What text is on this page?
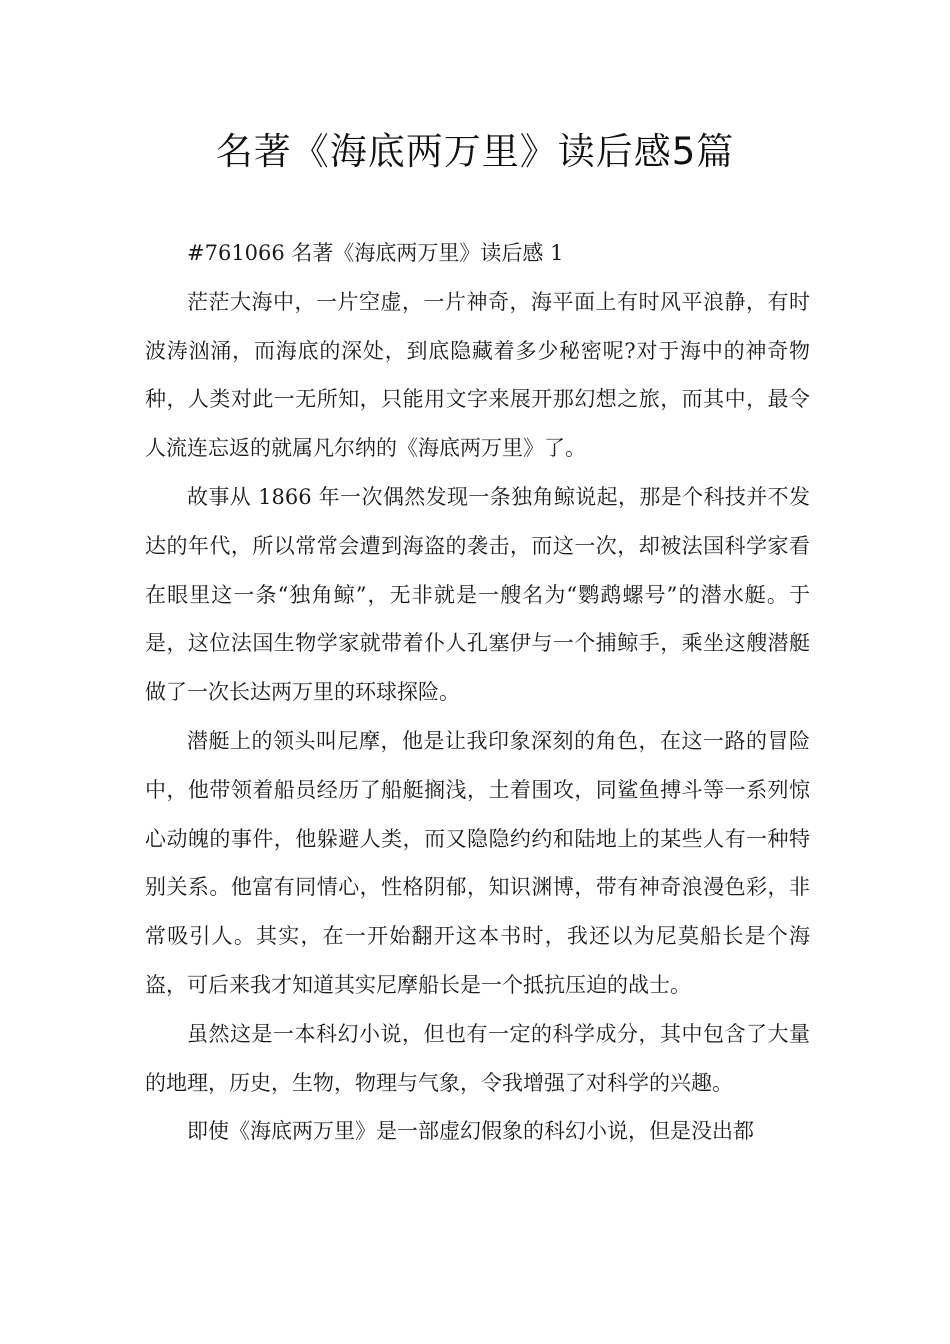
名著《海底两万里》读后感5篇

#761066 名著《海底两万里》读后感 1

茫茫大海中，一片空虚，一片神奇，海平面上有时风平浪静，有时波涛汹涌，而海底的深处，到底隐藏着多少秘密呢?对于海中的神奇物种，人类对此一无所知，只能用文字来展开那幻想之旅，而其中，最令人流连忘返的就属凡尔纳的《海底两万里》了。

故事从 1866 年一次偶然发现一条独角鲸说起，那是个科技并不发达的年代，所以常常会遭到海盗的袭击，而这一次，却被法国科学家看在眼里这一条“独角鲸”，无非就是一艘名为“鹦鹉螺号”的潜水艇。于是，这位法国生物学家就带着仆人孔塞伊与一个捕鲸手，乘坐这艘潜艇做了一次长达两万里的环球探险。

潜艇上的领头叫尼摩，他是让我印象深刻的角色，在这一路的冒险中，他带领着船员经历了船艇搁浅，土着围攻，同鲨鱼搏斗等一系列惊心动魄的事件，他躲避人类，而又隐隐约约和陆地上的某些人有一种特别关系。他富有同情心，性格阴郁，知识渊博，带有神奇浪漫色彩，非常吸引人。其实，在一开始翻开这本书时，我还以为尼莫船长是个海盗，可后来我才知道其实尼摩船长是一个抵抗压迫的战士。

虽然这是一本科幻小说，但也有一定的科学成分，其中包含了大量的地理，历史，生物，物理与气象，令我增强了对科学的兴趣。

即使《海底两万里》是一部虚幻假象的科幻小说，但是没出都
